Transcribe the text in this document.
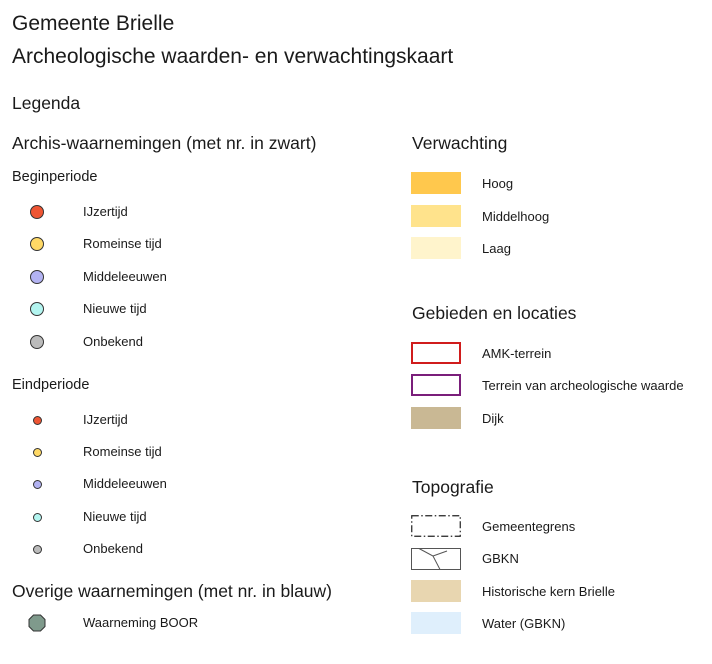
Gemeente Brielle
Archeologische waarden- en verwachtingskaart
Legenda
Archis-waarnemingen (met nr. in zwart)
Beginperiode
IJzertijd
Romeinse tijd
Middeleeuwen
Nieuwe tijd
Onbekend
Eindperiode
IJzertijd
Romeinse tijd
Middeleeuwen
Nieuwe tijd
Onbekend
Overige waarnemingen (met nr. in blauw)
Waarneming BOOR
Verwachting
Hoog
Middelhoog
Laag
Gebieden en locaties
AMK-terrein
Terrein van archeologische waarde
Dijk
Topografie
Gemeentegrens
GBKN
Historische kern Brielle
Water (GBKN)
